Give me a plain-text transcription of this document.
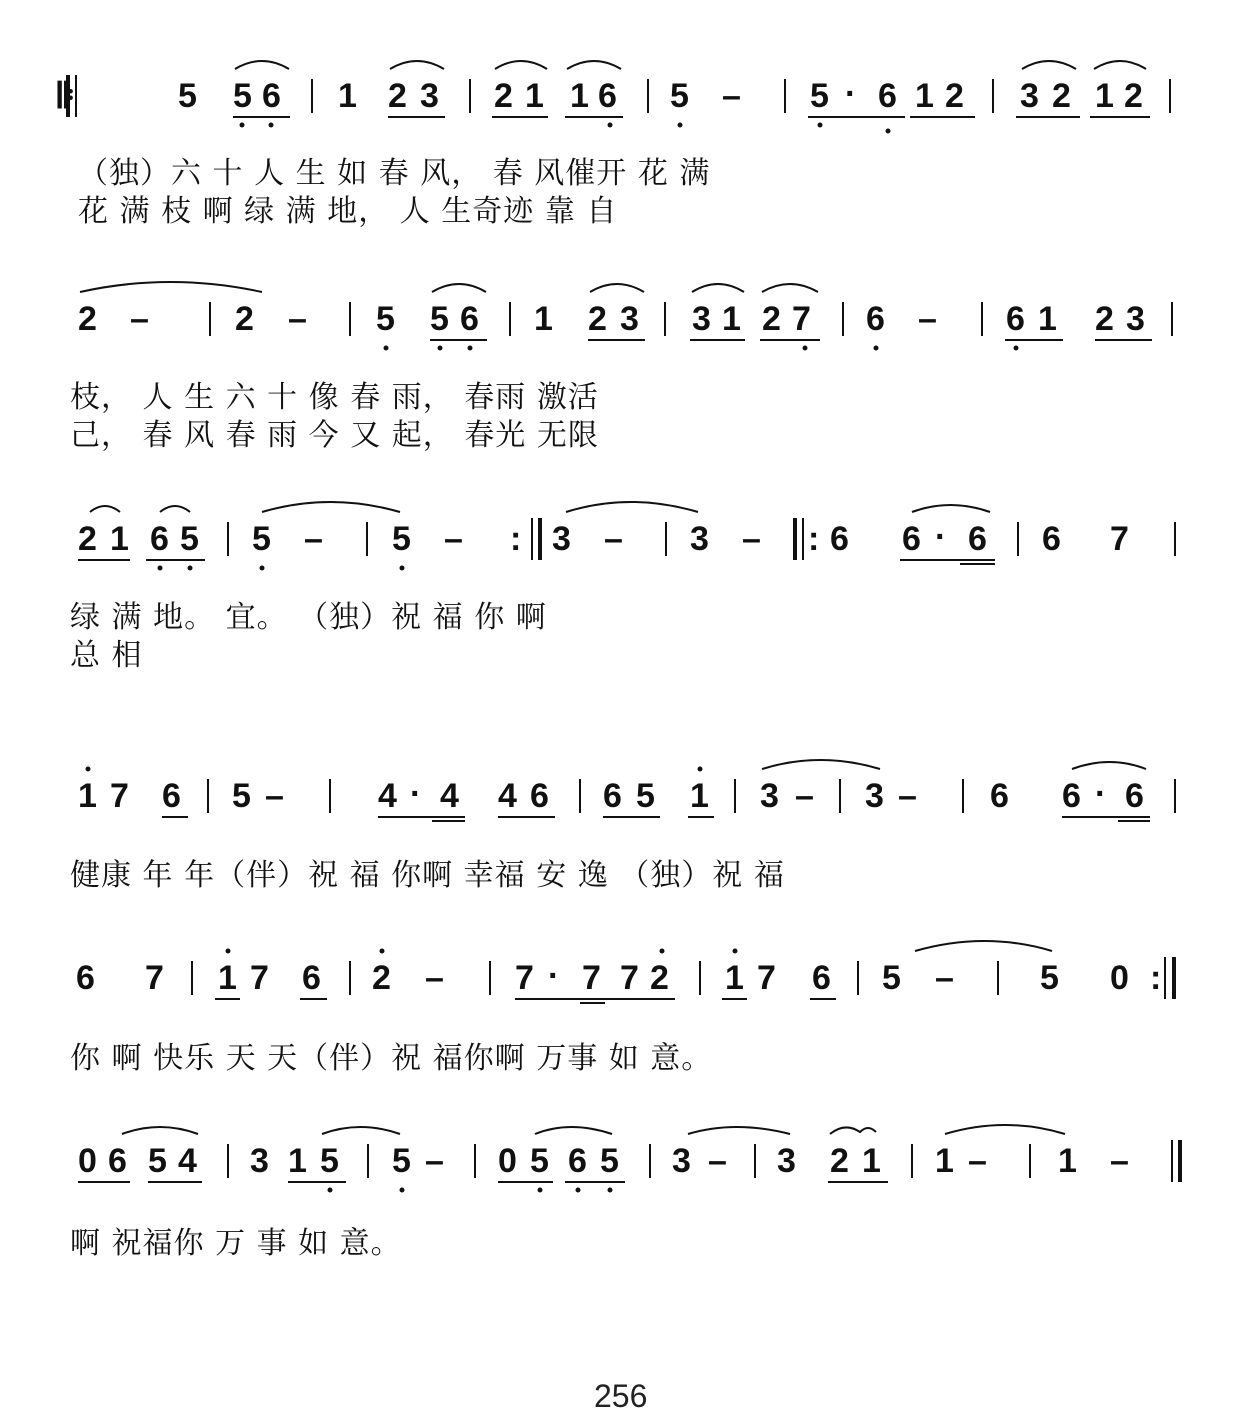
𝄆	5 5 6 1 2 3 2 1 1 6 5 – 5 · 6 1 2 3 2 1 2
（独）六 十 人 生 如 春 风， 春 风催开 花 满
花 满 枝 啊 绿 满 地， 人 生奇迹 靠 自
2 –	2 – 5 5 6 1 2 3 3 1 2 7 6 – 6 1 2 3
枝， 人 生 六 十 像 春 雨， 春雨 激活
己， 春 风 春 雨 今 又 起， 春光 无限
2 1 6 5 5 – 5 – : 3 – 3 – : 6 6 · 6 6 7
绿 满 地。 宜。 （独）祝 福 你 啊
总 相
1 7 6 5 –	4 · 4 4 6 6 5 1 3 – 3 – 6 6 · 6
健康 年 年（伴）祝 福 你啊 幸福 安 逸 （独）祝 福
6 7 1 7 6 2 – 7 · 7 7 2 1 7 6 5 –	5 0 :
你 啊 快乐 天 天（伴）祝 福你啊 万事 如 意。
0 6 5 4 3 1 5 5 – 0 5 6 5 3 – 3 2 1 1 – 1 –
啊 祝福你 万 事 如 意。
256
